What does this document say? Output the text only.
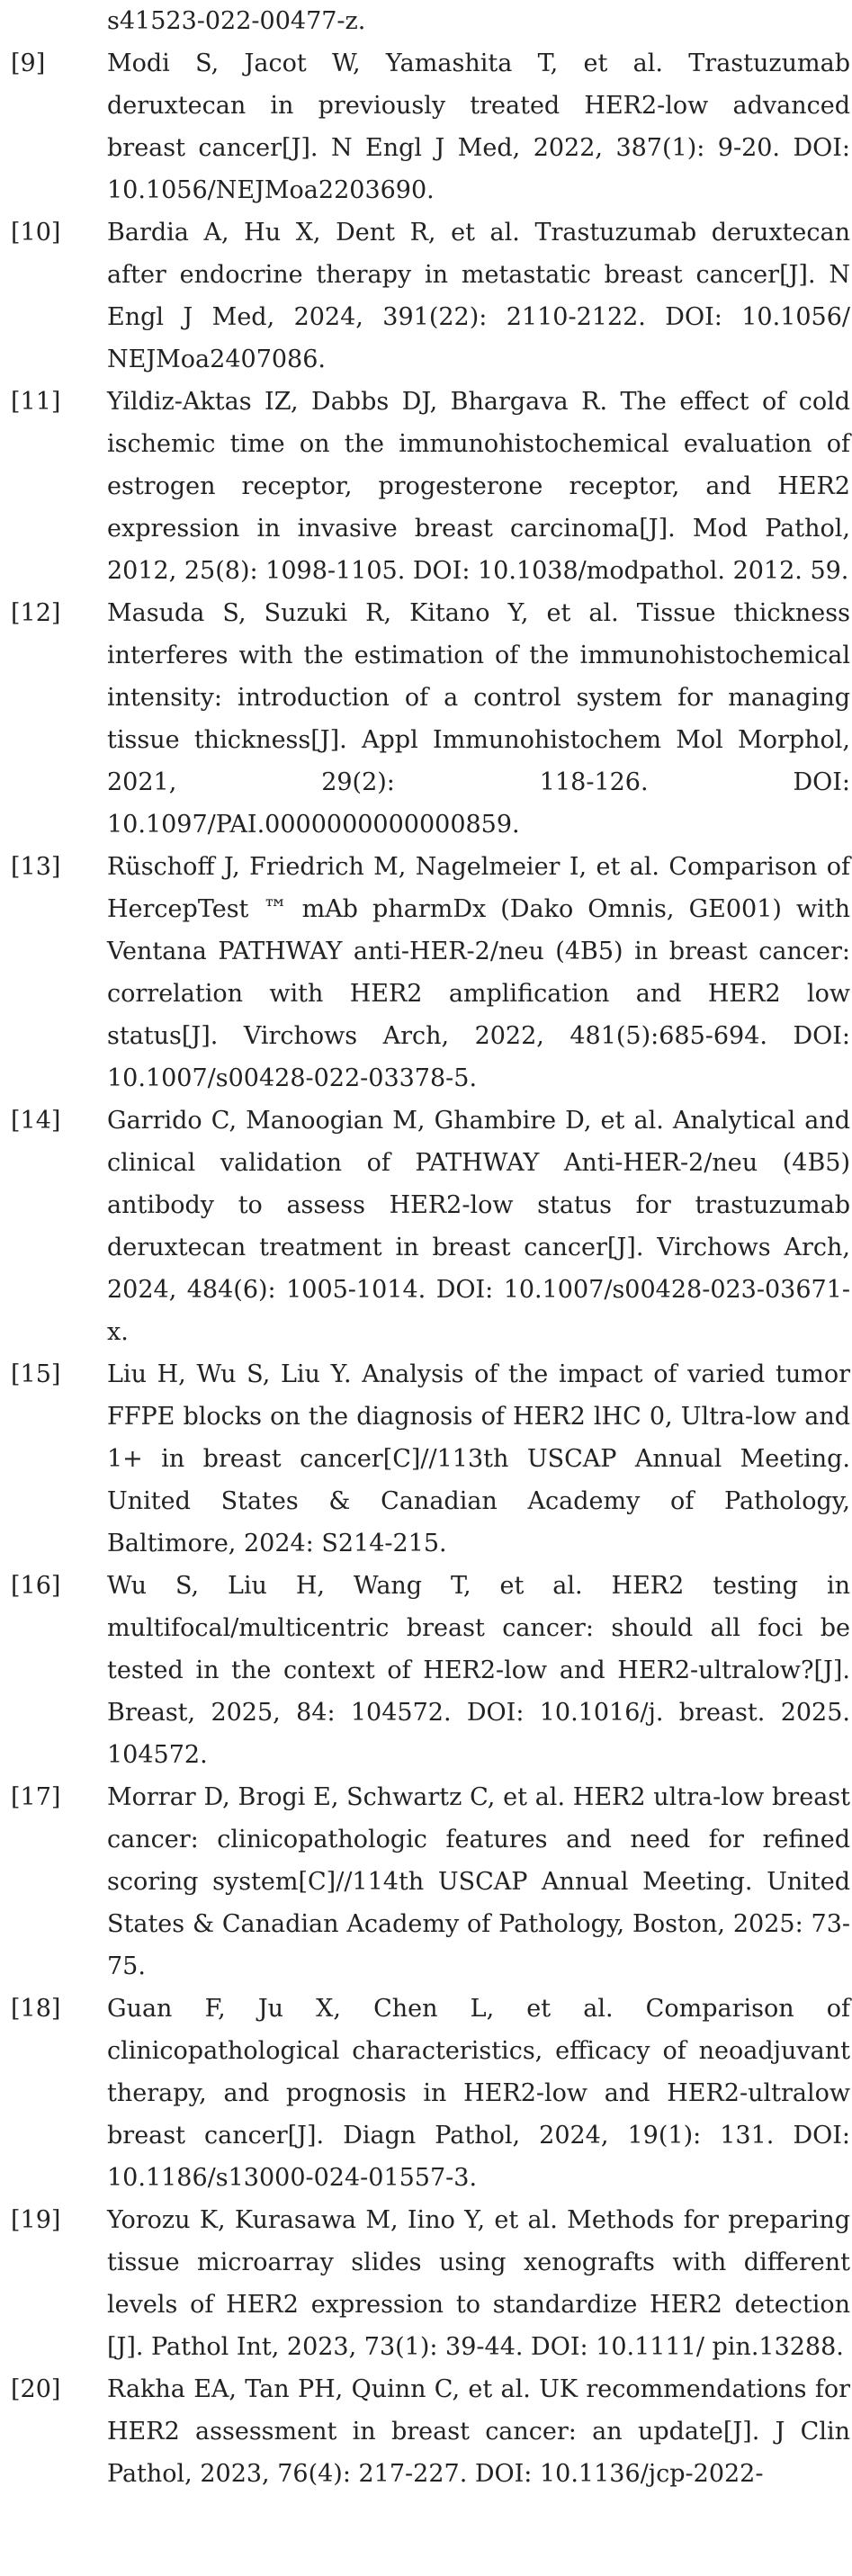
s41523-022-00477-z.
[9]	Modi S, Jacot W, Yamashita T, et al. Trastuzumab deruxtecan in previously treated HER2-low advanced breast cancer[J]. N Engl J Med, 2022, 387(1): 9-20. DOI: 10.1056/NEJMoa2203690.
[10]	Bardia A, Hu X, Dent R, et al. Trastuzumab deruxtecan after endocrine therapy in metastatic breast cancer[J]. N Engl J Med, 2024, 391(22): 2110-2122. DOI: 10.1056/ NEJMoa2407086.
[11]	Yildiz-Aktas IZ, Dabbs DJ, Bhargava R. The effect of cold ischemic time on the immunohistochemical evaluation of estrogen receptor, progesterone receptor, and HER2 expression in invasive breast carcinoma[J]. Mod Pathol, 2012, 25(8): 1098-1105. DOI: 10.1038/modpathol. 2012. 59.
[12]	Masuda S, Suzuki R, Kitano Y, et al. Tissue thickness interferes with the estimation of the immunohistochemical intensity: introduction of a control system for managing tissue thickness[J]. Appl Immunohistochem Mol Morphol, 2021, 29(2): 118-126. DOI: 10.1097/PAI.0000000000000859.
[13]	Rüschoff J, Friedrich M, Nagelmeier I, et al. Comparison of HercepTest ™ mAb pharmDx (Dako Omnis, GE001) with Ventana PATHWAY anti-HER-2/neu (4B5) in breast cancer: correlation with HER2 amplification and HER2 low status[J]. Virchows Arch, 2022, 481(5):685-694. DOI: 10.1007/s00428-022-03378-5.
[14]	Garrido C, Manoogian M, Ghambire D, et al. Analytical and clinical validation of PATHWAY Anti-HER-2/neu (4B5) antibody to assess HER2-low status for trastuzumab deruxtecan treatment in breast cancer[J]. Virchows Arch, 2024, 484(6): 1005-1014. DOI: 10.1007/s00428-023-03671-x.
[15]	Liu H, Wu S, Liu Y. Analysis of the impact of varied tumor FFPE blocks on the diagnosis of HER2 lHC 0, Ultra-low and 1+ in breast cancer[C]//113th USCAP Annual Meeting. United States & Canadian Academy of Pathology, Baltimore, 2024: S214-215.
[16]	Wu S, Liu H, Wang T, et al. HER2 testing in multifocal/multicentric breast cancer: should all foci be tested in the context of HER2-low and HER2-ultralow?[J]. Breast, 2025, 84: 104572. DOI: 10.1016/j. breast. 2025. 104572.
[17]	Morrar D, Brogi E, Schwartz C, et al. HER2 ultra-low breast cancer: clinicopathologic features and need for refined scoring system[C]//114th USCAP Annual Meeting. United States & Canadian Academy of Pathology, Boston, 2025: 73-75.
[18]	Guan F, Ju X, Chen L, et al. Comparison of clinicopathological characteristics, efficacy of neoadjuvant therapy, and prognosis in HER2-low and HER2-ultralow breast cancer[J]. Diagn Pathol, 2024, 19(1): 131. DOI: 10.1186/s13000-024-01557-3.
[19]	Yorozu K, Kurasawa M, Iino Y, et al. Methods for preparing tissue microarray slides using xenografts with different levels of HER2 expression to standardize HER2 detection [J]. Pathol Int, 2023, 73(1): 39-44. DOI: 10.1111/ pin.13288.
[20]	Rakha EA, Tan PH, Quinn C, et al. UK recommendations for HER2 assessment in breast cancer: an update[J]. J Clin Pathol, 2023, 76(4): 217-227. DOI: 10.1136/jcp-2022-
